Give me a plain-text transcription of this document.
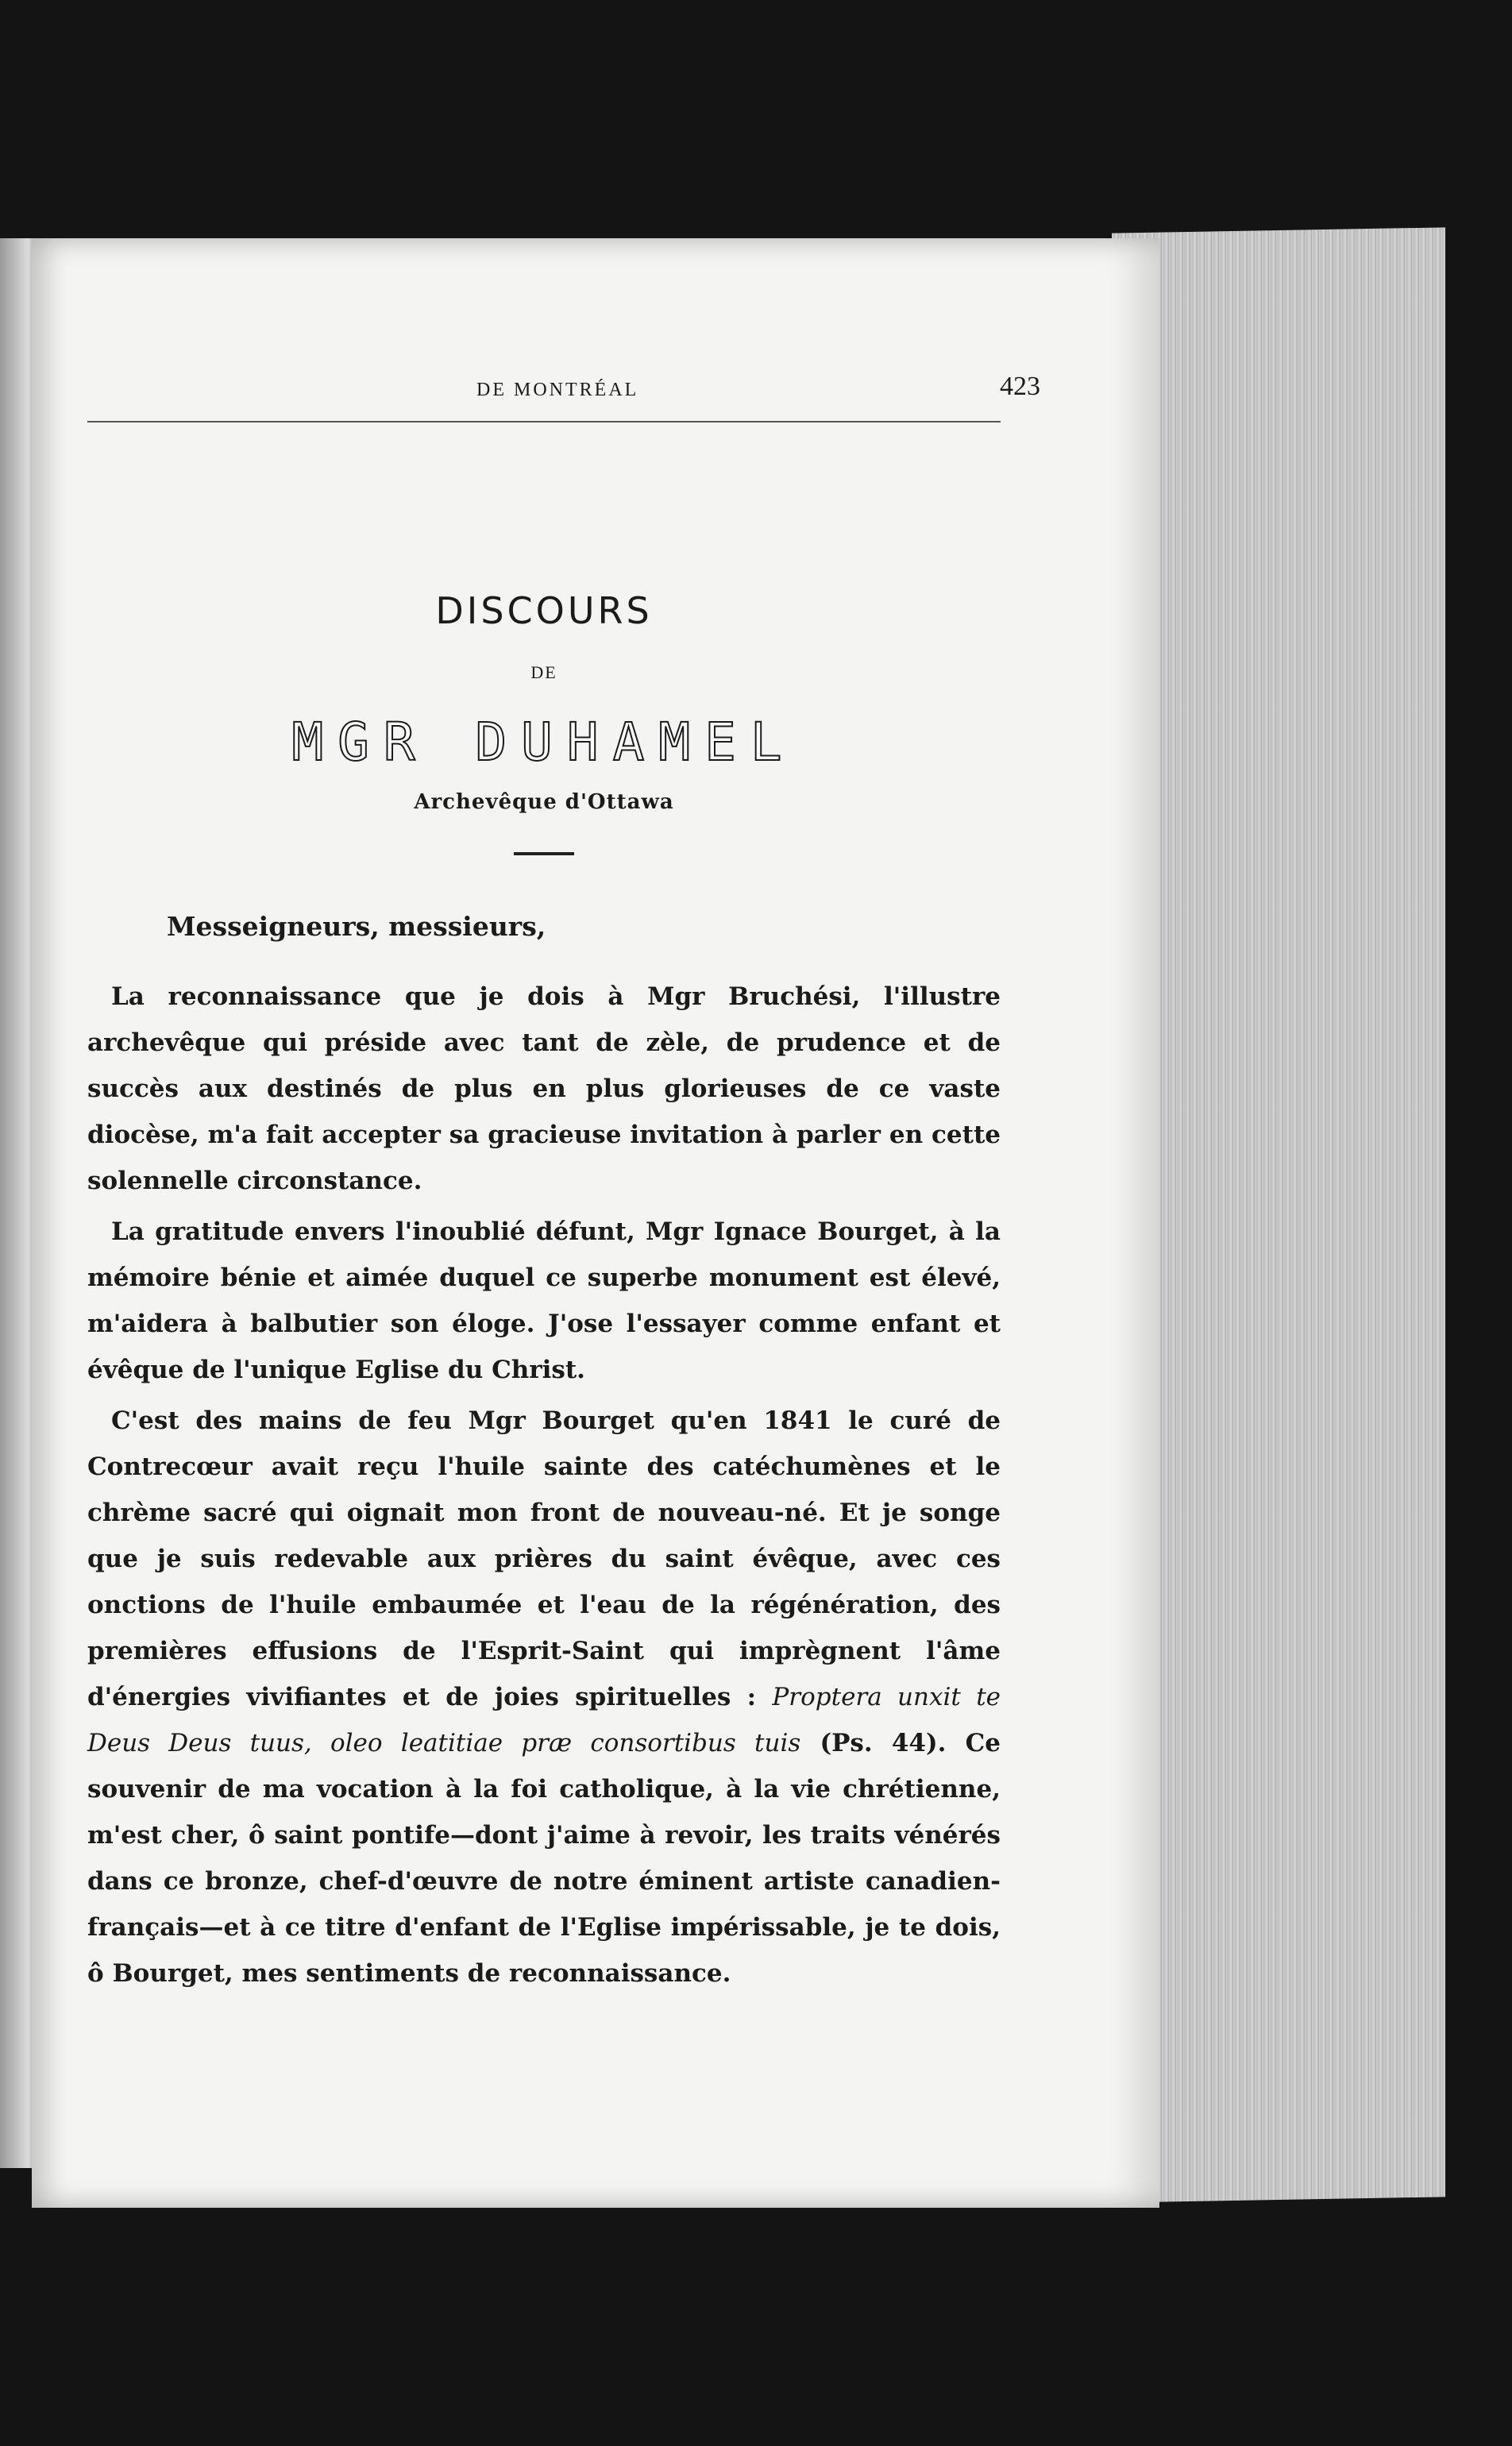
DE MONTRÉAL	423
DISCOURS
DE
MGR DUHAMEL
Archevêque d'Ottawa
Messeigneurs, messieurs,

La reconnaissance que je dois à Mgr Bruchési, l'illustre archevêque qui préside avec tant de zèle, de prudence et de succès aux destinés de plus en plus glorieuses de ce vaste diocèse, m'a fait accepter sa gracieuse invitation à parler en cette solennelle circonstance.

La gratitude envers l'inoublié défunt, Mgr Ignace Bourget, à la mémoire bénie et aimée duquel ce superbe monument est élevé, m'aidera à balbutier son éloge. J'ose l'essayer comme enfant et évêque de l'unique Eglise du Christ.

C'est des mains de feu Mgr Bourget qu'en 1841 le curé de Contrecœur avait reçu l'huile sainte des catéchumènes et le chrème sacré qui oignait mon front de nouveau-né. Et je songe que je suis redevable aux prières du saint évêque, avec ces onctions de l'huile embaumée et l'eau de la régénération, des premières effusions de l'Esprit-Saint qui imprègnent l'âme d'énergies vivifiantes et de joies spirituelles : Proptera unxit te Deus Deus tuus, oleo leatitiae præ consortibus tuis (Ps. 44). Ce souvenir de ma vocation à la foi catholique, à la vie chrétienne, m'est cher, ô saint pontife—dont j'aime à revoir, les traits vénérés dans ce bronze, chef-d'œuvre de notre éminent artiste canadien-français—et à ce titre d'enfant de l'Eglise impérissable, je te dois, ô Bourget, mes sentiments de reconnaissance.
